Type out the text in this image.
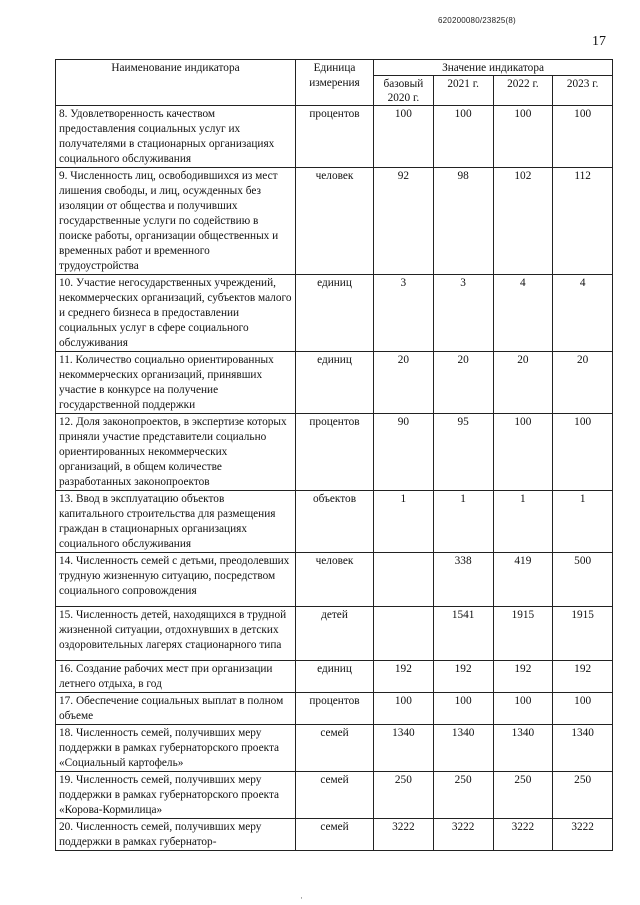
620200080/23825(8)
17
Наименование индикатора	Единица измерения	Значение индикатора			
		базовый 2020 г.	2021 г.	2022 г.	2023 г.
8. Удовлетворенность качеством предоставления социальных услуг их получателями в стационарных организациях социального обслуживания	процентов	100	100	100	100
9. Численность лиц, освободившихся из мест лишения свободы, и лиц, осужденных без изоляции от общества и получивших государственные услуги по содействию в поиске работы, организации общественных и временных работ и временного трудоустройства	человек	92	98	102	112
10. Участие негосударственных учреждений, некоммерческих организаций, субъектов малого и среднего бизнеса в предоставлении социальных услуг в сфере социального обслуживания	единиц	3	3	4	4
11. Количество социально ориентированных некоммерческих организаций, принявших участие в конкурсе на получение государственной поддержки	единиц	20	20	20	20
12. Доля законопроектов, в экспертизе которых приняли участие представители социально ориентированных некоммерческих организаций, в общем количестве разработанных законопроектов	процентов	90	95	100	100
13. Ввод в эксплуатацию объектов капитального строительства для размещения граждан в стационарных организациях социального обслуживания	объектов	1	1	1	1
14. Численность семей с детьми, преодолевших трудную жизненную ситуацию, посредством социального сопровождения	человек		338	419	500
15. Численность детей, находящихся в трудной жизненной ситуации, отдохнувших в детских оздоровительных лагерях стационарного типа	детей		1541	1915	1915
16. Создание рабочих мест при организации летнего отдыха, в год	единиц	192	192	192	192
17. Обеспечение социальных выплат в полном объеме	процентов	100	100	100	100
18. Численность семей, получивших меру поддержки в рамках губернаторского проекта «Социальный картофель»	семей	1340	1340	1340	1340
19. Численность семей, получивших меру поддержки в рамках губернаторского проекта «Корова-Кормилица»	семей	250	250	250	250
20. Численность семей, получивших меру поддержки в рамках губернатор-	семей	3222	3222	3222	3222
·
